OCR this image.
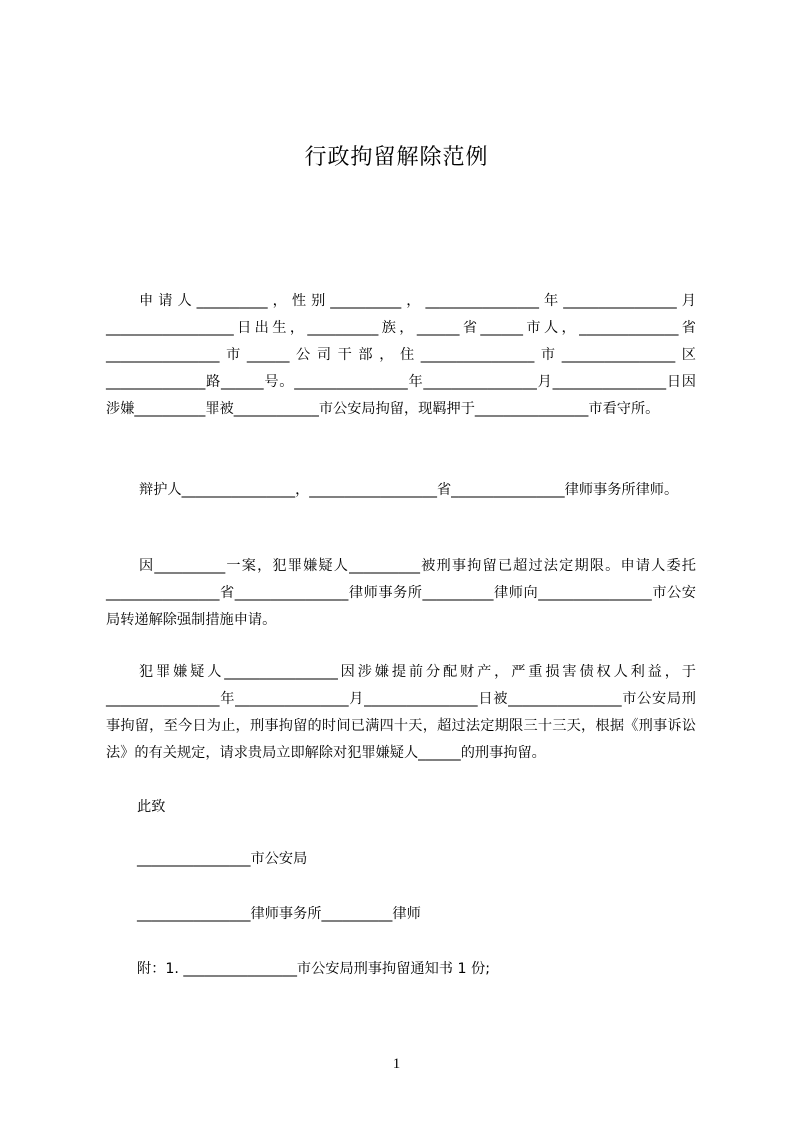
行政拘留解除范例
申请人__________，性别__________，________________年________________月__________________日出生，__________族，______省______市人，______________省________________市______公司干部，住________________市________________区______________路______号。________________年________________月________________日因涉嫌__________罪被____________市公安局拘留，现羁押于________________市看守所。
辩护人________________，__________________省________________律师事务所律师。
因__________一案，犯罪嫌疑人__________被刑事拘留已超过法定期限。申请人委托________________省________________律师事务所__________律师向________________市公安局转递解除强制措施申请。
犯罪嫌疑人________________因涉嫌提前分配财产，严重损害债权人利益，于________________年________________月________________日被________________市公安局刑事拘留，至今日为止，刑事拘留的时间已满四十天，超过法定期限三十三天，根据《刑事诉讼法》的有关规定，请求贵局立即解除对犯罪嫌疑人______的刑事拘留。
此致
________________市公安局
________________律师事务所__________律师
附：1. ________________市公安局刑事拘留通知书 1 份;
1
